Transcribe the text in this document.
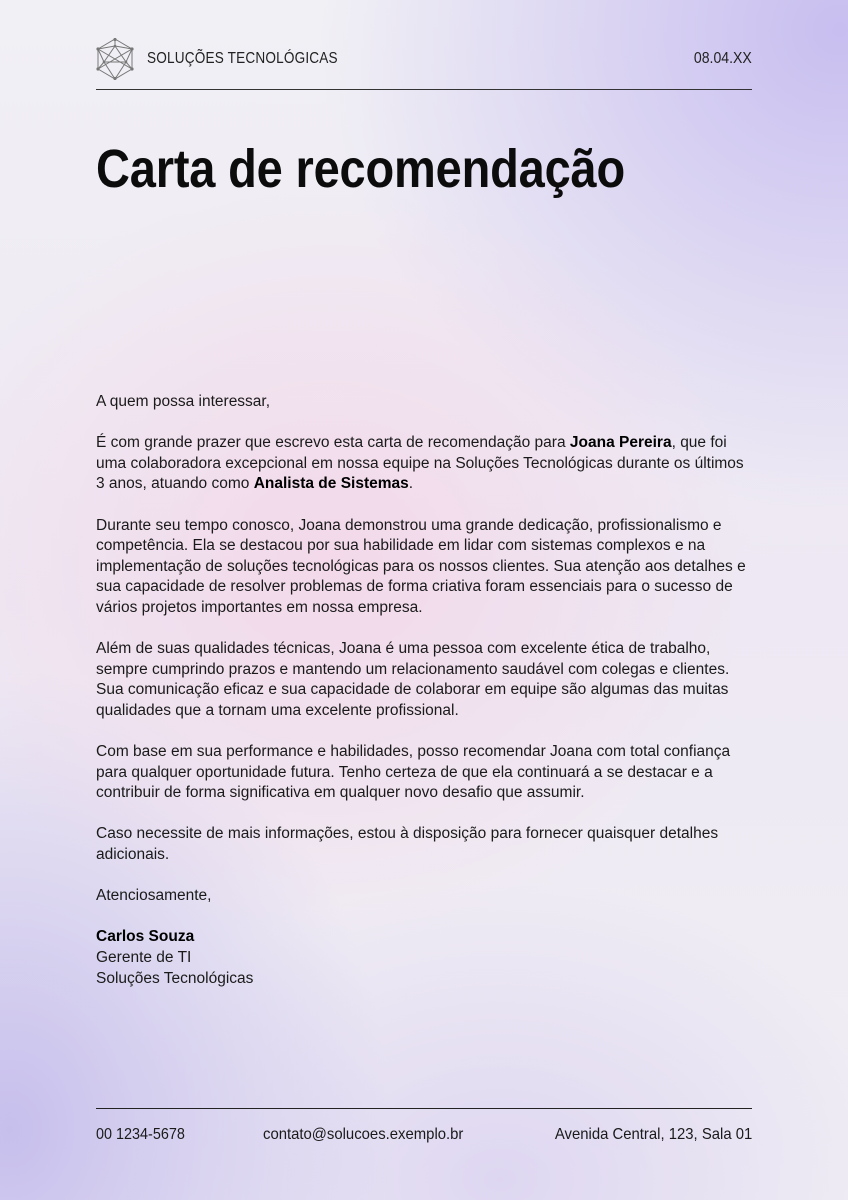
SOLUÇÕES TECNOLÓGICAS	08.04.XX
Carta de recomendação

A quem possa interessar,

É com grande prazer que escrevo esta carta de recomendação para Joana Pereira, que foi uma colaboradora excepcional em nossa equipe na Soluções Tecnológicas durante os últimos 3 anos, atuando como Analista de Sistemas.

Durante seu tempo conosco, Joana demonstrou uma grande dedicação, profissionalismo e competência. Ela se destacou por sua habilidade em lidar com sistemas complexos e na implementação de soluções tecnológicas para os nossos clientes. Sua atenção aos detalhes e sua capacidade de resolver problemas de forma criativa foram essenciais para o sucesso de vários projetos importantes em nossa empresa.

Além de suas qualidades técnicas, Joana é uma pessoa com excelente ética de trabalho, sempre cumprindo prazos e mantendo um relacionamento saudável com colegas e clientes. Sua comunicação eficaz e sua capacidade de colaborar em equipe são algumas das muitas qualidades que a tornam uma excelente profissional.

Com base em sua performance e habilidades, posso recomendar Joana com total confiança para qualquer oportunidade futura. Tenho certeza de que ela continuará a se destacar e a contribuir de forma significativa em qualquer novo desafio que assumir.

Caso necessite de mais informações, estou à disposição para fornecer quaisquer detalhes adicionais.

Atenciosamente,

Carlos Souza
Gerente de TI
Soluções Tecnológicas
00 1234-5678	contato@solucoes.exemplo.br	Avenida Central, 123, Sala 01
